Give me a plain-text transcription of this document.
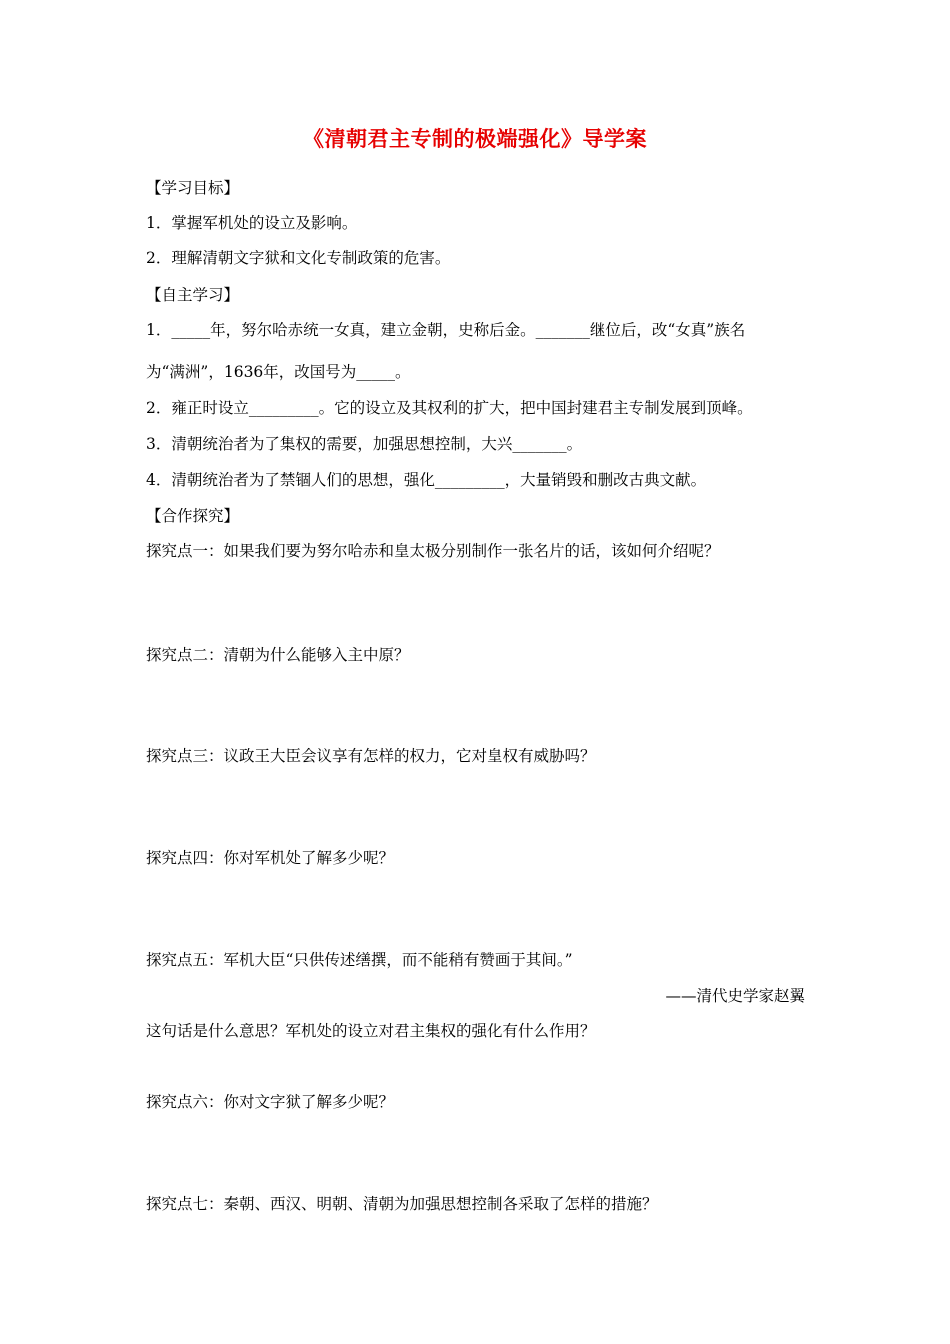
《清朝君主专制的极端强化》导学案
【学习目标】
1．掌握军机处的设立及影响。
2．理解清朝文字狱和文化专制政策的危害。
【自主学习】
1．_____年，努尔哈赤统一女真，建立金朝，史称后金。_______继位后，改“女真”族名
为“满洲”，1636年，改国号为_____。
2．雍正时设立_________。它的设立及其权利的扩大，把中国封建君主专制发展到顶峰。
3．清朝统治者为了集权的需要，加强思想控制，大兴_______。
4．清朝统治者为了禁锢人们的思想，强化_________，大量销毁和删改古典文献。
【合作探究】
探究点一：如果我们要为努尔哈赤和皇太极分别制作一张名片的话，该如何介绍呢？
探究点二：清朝为什么能够入主中原？
探究点三：议政王大臣会议享有怎样的权力，它对皇权有威胁吗？
探究点四：你对军机处了解多少呢？
探究点五：军机大臣“只供传述缮撰，而不能稍有赞画于其间。”
——清代史学家赵翼
这句话是什么意思？军机处的设立对君主集权的强化有什么作用？
探究点六：你对文字狱了解多少呢？
探究点七：秦朝、西汉、明朝、清朝为加强思想控制各采取了怎样的措施？
